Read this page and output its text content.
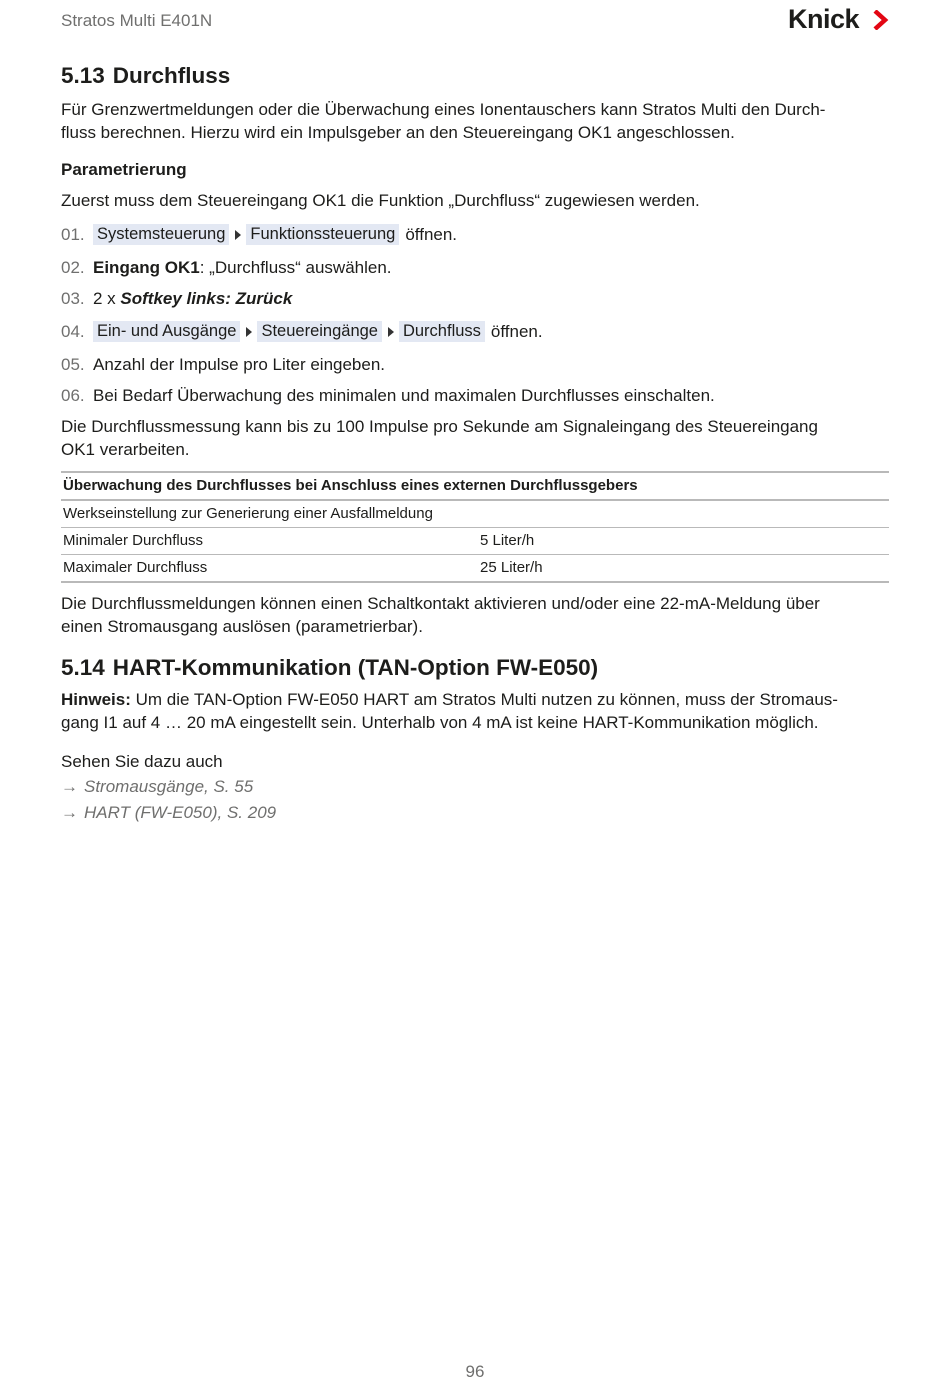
Stratos Multi E401N	Knick
5.13 Durchfluss

Für Grenzwertmeldungen oder die Überwachung eines Ionentauschers kann Stratos Multi den Durch-

fluss berechnen. Hierzu wird ein Impulsgeber an den Steuereingang OK1 angeschlossen.

Parametrierung

Zuerst muss dem Steuereingang OK1 die Funktion „Durchfluss“ zugewiesen werden.

01. Systemsteuerung Funktionssteuerung öffnen.
02. Eingang OK1 : „Durchfluss“ auswählen.
03. 2 x Softkey links: Zurück
04. Ein- und Ausgänge Steuereingänge Durchfluss öffnen.
05. Anzahl der Impulse pro Liter eingeben.
06. Bei Bedarf Überwachung des minimalen und maximalen Durchflusses einschalten.

Die Durchflussmessung kann bis zu 100 Impulse pro Sekunde am Signaleingang des Steuereingang

OK1 verarbeiten.

Überwachung des Durchflusses bei Anschluss eines externen Durchflussgebers	
Werkseinstellung zur Generierung einer Ausfallmeldung	
Minimaler Durchfluss	5 Liter/h
Maximaler Durchfluss	25 Liter/h

Die Durchflussmeldungen können einen Schaltkontakt aktivieren und/oder eine 22-mA-Meldung über

einen Stromausgang auslösen (parametrierbar).

5.14 HART-Kommunikation (TAN-Option FW-E050)

Hinweis: Um die TAN-Option FW-E050 HART am Stratos Multi nutzen zu können, muss der Stromaus-

gang I1 auf 4 … 20 mA eingestellt sein. Unterhalb von 4 mA ist keine HART-Kommunikation möglich.

Sehen Sie dazu auch

→ Stromausgänge, S. 55
→ HART (FW-E050), S. 209
96
